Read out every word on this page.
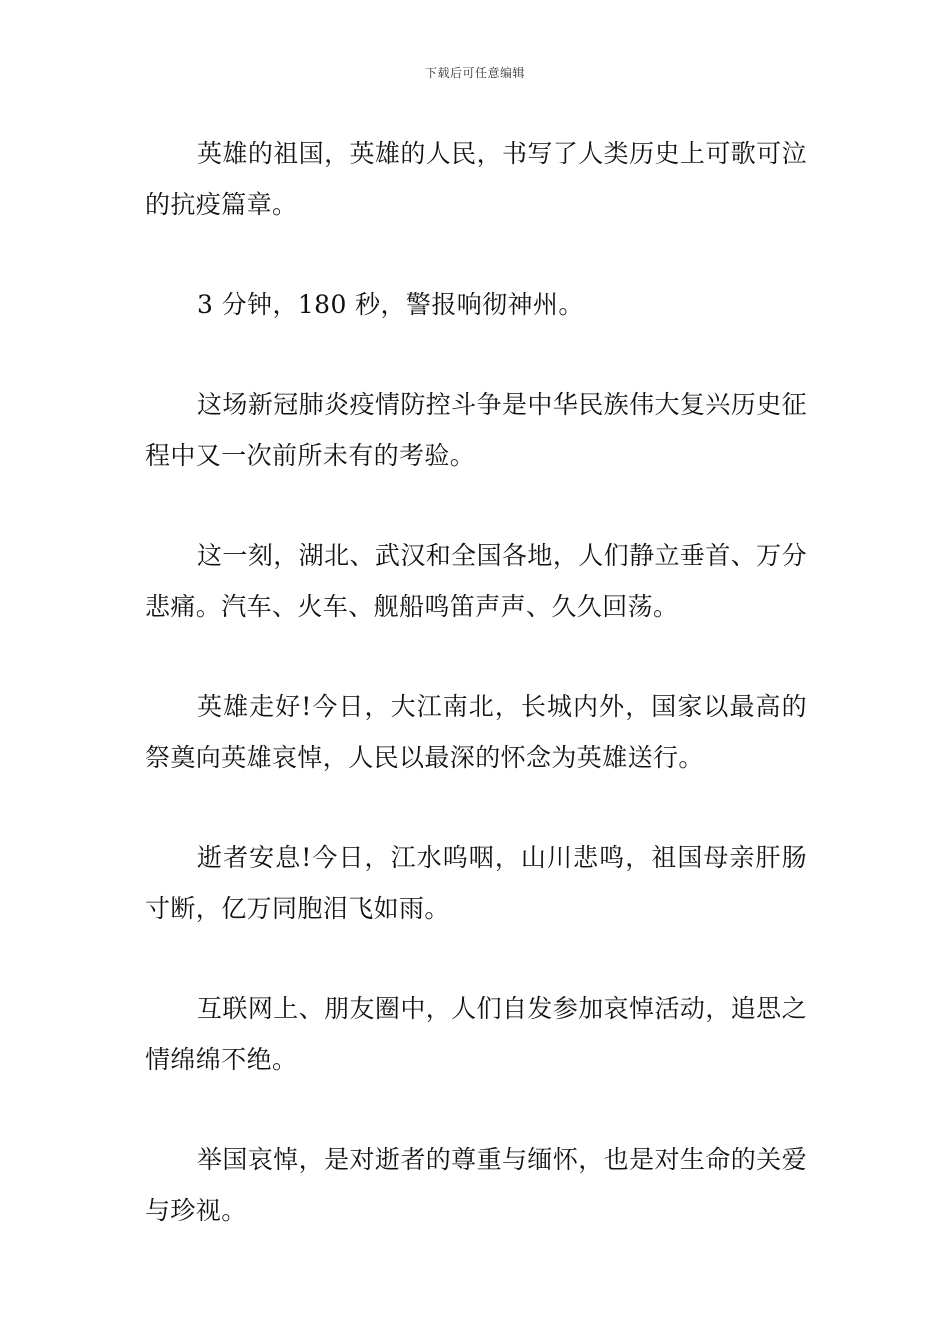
下载后可任意编辑

英雄的祖国，英雄的人民，书写了人类历史上可歌可泣的抗疫篇章。

3 分钟，180 秒，警报响彻神州。

这场新冠肺炎疫情防控斗争是中华民族伟大复兴历史征程中又一次前所未有的考验。

这一刻，湖北、武汉和全国各地，人们静立垂首、万分悲痛。汽车、火车、舰船鸣笛声声、久久回荡。

英雄走好!今日，大江南北，长城内外，国家以最高的祭奠向英雄哀悼，人民以最深的怀念为英雄送行。

逝者安息!今日，江水呜咽，山川悲鸣，祖国母亲肝肠寸断，亿万同胞泪飞如雨。

互联网上、朋友圈中，人们自发参加哀悼活动，追思之情绵绵不绝。

举国哀悼，是对逝者的尊重与缅怀，也是对生命的关爱与珍视。
